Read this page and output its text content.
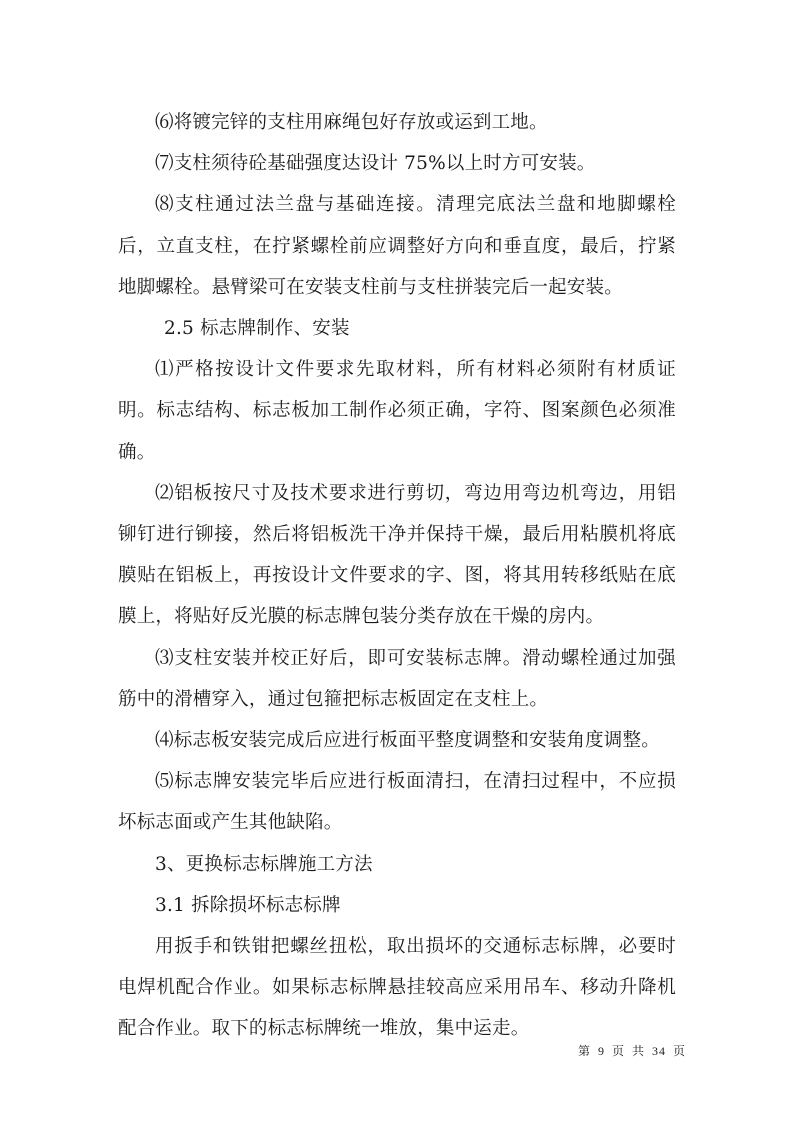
⑹将镀完锌的支柱用麻绳包好存放或运到工地。

⑺支柱须待砼基础强度达设计 75%以上时方可安装。

⑻支柱通过法兰盘与基础连接。清理完底法兰盘和地脚螺栓后，立直支柱，在拧紧螺栓前应调整好方向和垂直度，最后，拧紧地脚螺栓。悬臂梁可在安装支柱前与支柱拼装完后一起安装。

2.5 标志牌制作、安装

⑴严格按设计文件要求先取材料，所有材料必须附有材质证明。标志结构、标志板加工制作必须正确，字符、图案颜色必须准确。

⑵铝板按尺寸及技术要求进行剪切，弯边用弯边机弯边，用铝铆钉进行铆接，然后将铝板洗干净并保持干燥，最后用粘膜机将底膜贴在铝板上，再按设计文件要求的字、图，将其用转移纸贴在底膜上，将贴好反光膜的标志牌包装分类存放在干燥的房内。

⑶支柱安装并校正好后，即可安装标志牌。滑动螺栓通过加强筋中的滑槽穿入，通过包箍把标志板固定在支柱上。

⑷标志板安装完成后应进行板面平整度调整和安装角度调整。

⑸标志牌安装完毕后应进行板面清扫，在清扫过程中，不应损坏标志面或产生其他缺陷。

3、更换标志标牌施工方法

3.1 拆除损坏标志标牌

用扳手和铁钳把螺丝扭松，取出损坏的交通标志标牌，必要时电焊机配合作业。如果标志标牌悬挂较高应采用吊车、移动升降机配合作业。取下的标志标牌统一堆放，集中运走。

第 9 页 共 34 页
